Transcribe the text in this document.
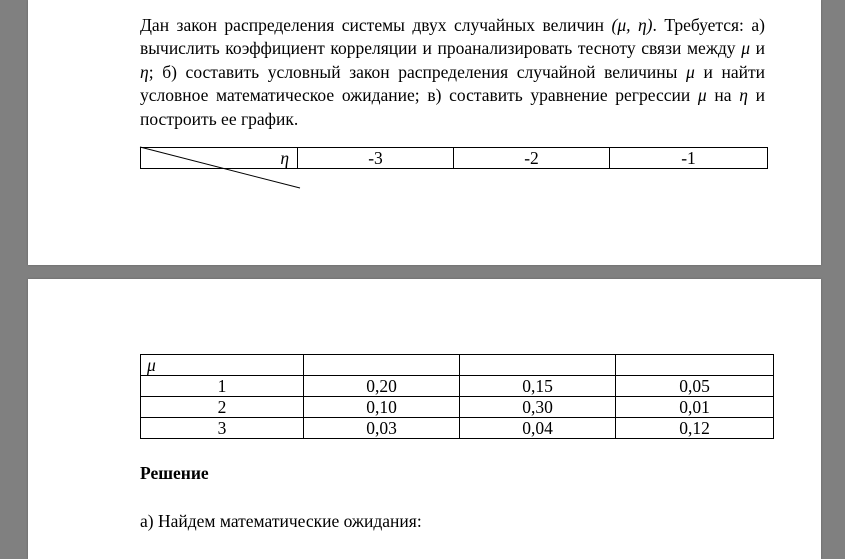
Дан закон распределения системы двух случайных величин (μ, η). Требуется: а) вычислить коэффициент корреляции и проанализировать тесноту связи между μ и η; б) составить условный закон распределения случайной величины μ и найти условное математическое ожидание; в) составить уравнение регрессии μ на η и построить ее график.

η	-3	-2	-1
μ			
1	0,20	0,15	0,05
2	0,10	0,30	0,01
3	0,03	0,04	0,12

Решение

а) Найдем математические ожидания:
